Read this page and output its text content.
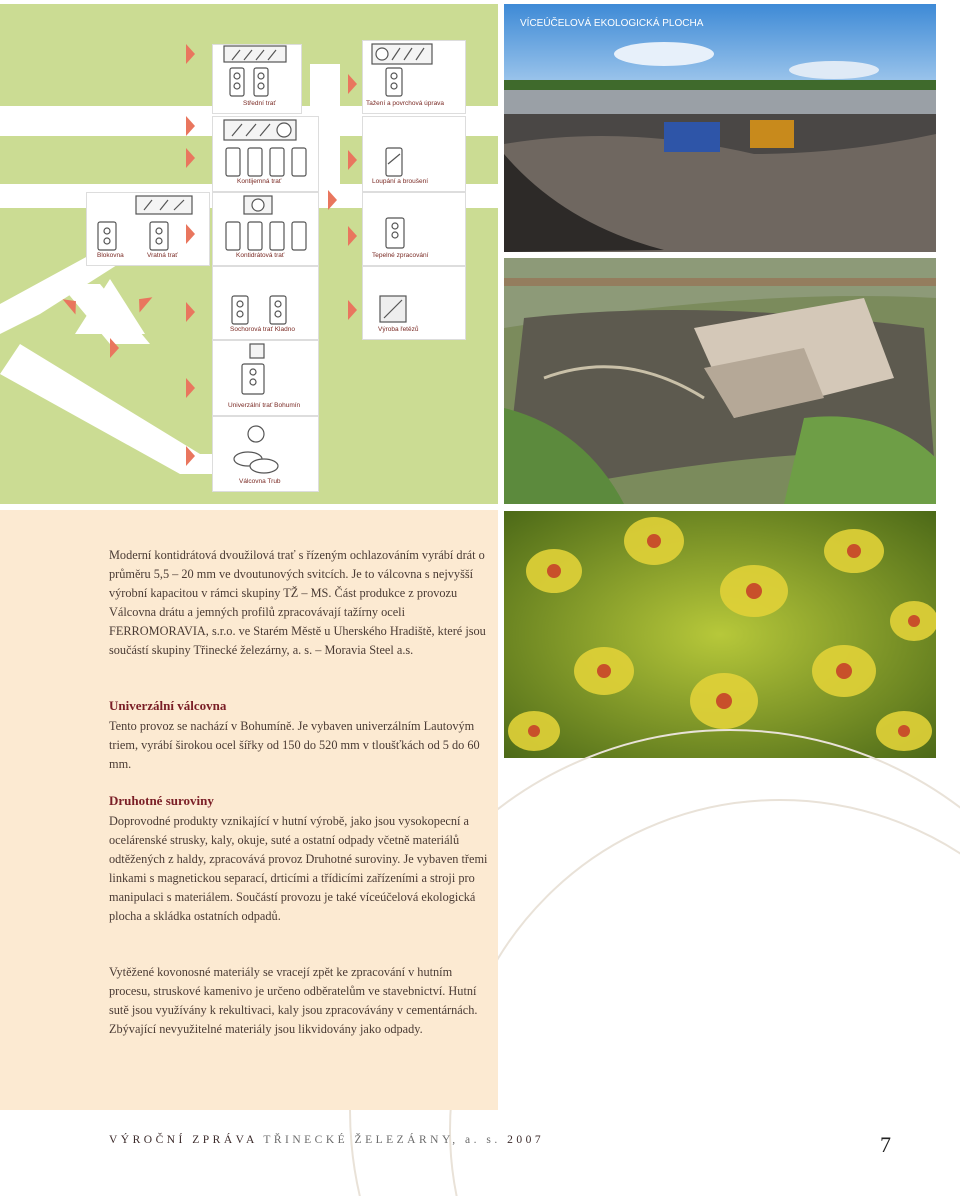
Střední trať	Tažení a povrchová úprava
Kontijemná trať	Loupání a broušení
Blokovna	Vratná trať	Kontidrátová trať	Tepelné zpracování
Sochorová trať Kladno	Výroba řetězů
Univerzální trať Bohumín
Válcovna Trub
VÍCEÚČELOVÁ EKOLOGICKÁ PLOCHA
Moderní kontidrátová dvoužilová trať s řízeným ochlazováním vyrábí drát o průměru 5,5 – 20 mm ve dvoutunových svitcích. Je to válcovna s nejvyšší výrobní kapacitou v rámci skupiny TŽ – MS. Část produkce z provozu Válcovna drátu a jemných profilů zpracovávají tažírny oceli FERROMORAVIA, s.r.o. ve Starém Městě u Uherského Hradiště, které jsou součástí skupiny Třinecké železárny, a. s. – Moravia Steel a.s.
Univerzální válcovna
Tento provoz se nachází v Bohumíně. Je vybaven univerzálním Lautovým triem, vyrábí širokou ocel šířky od 150 do 520 mm v tloušťkách od 5 do 60 mm.
Druhotné suroviny
Doprovodné produkty vznikající v hutní výrobě, jako jsou vysokopecní a ocelárenské strusky, kaly, okuje, suté a ostatní odpady včetně materiálů odtěžených z haldy, zpracovává provoz Druhotné suroviny. Je vybaven třemi linkami s magnetickou separací, drticími a třídicími zařízeními a stroji pro manipulaci s materiálem. Součástí provozu je také víceúčelová ekologická plocha a skládka ostatních odpadů.
Vytěžené kovonosné materiály se vracejí zpět ke zpracování v hutním procesu, struskové kamenivo je určeno odběratelům ve stavebnictví. Hutní sutě jsou využívány k rekultivaci, kaly jsou zpracovávány v cementárnách. Zbývající nevyužitelné materiály jsou likvidovány jako odpady.
VÝROČNÍ ZPRÁVA TŘINECKÉ ŽELEZÁRNY, a. s. 2007	7
